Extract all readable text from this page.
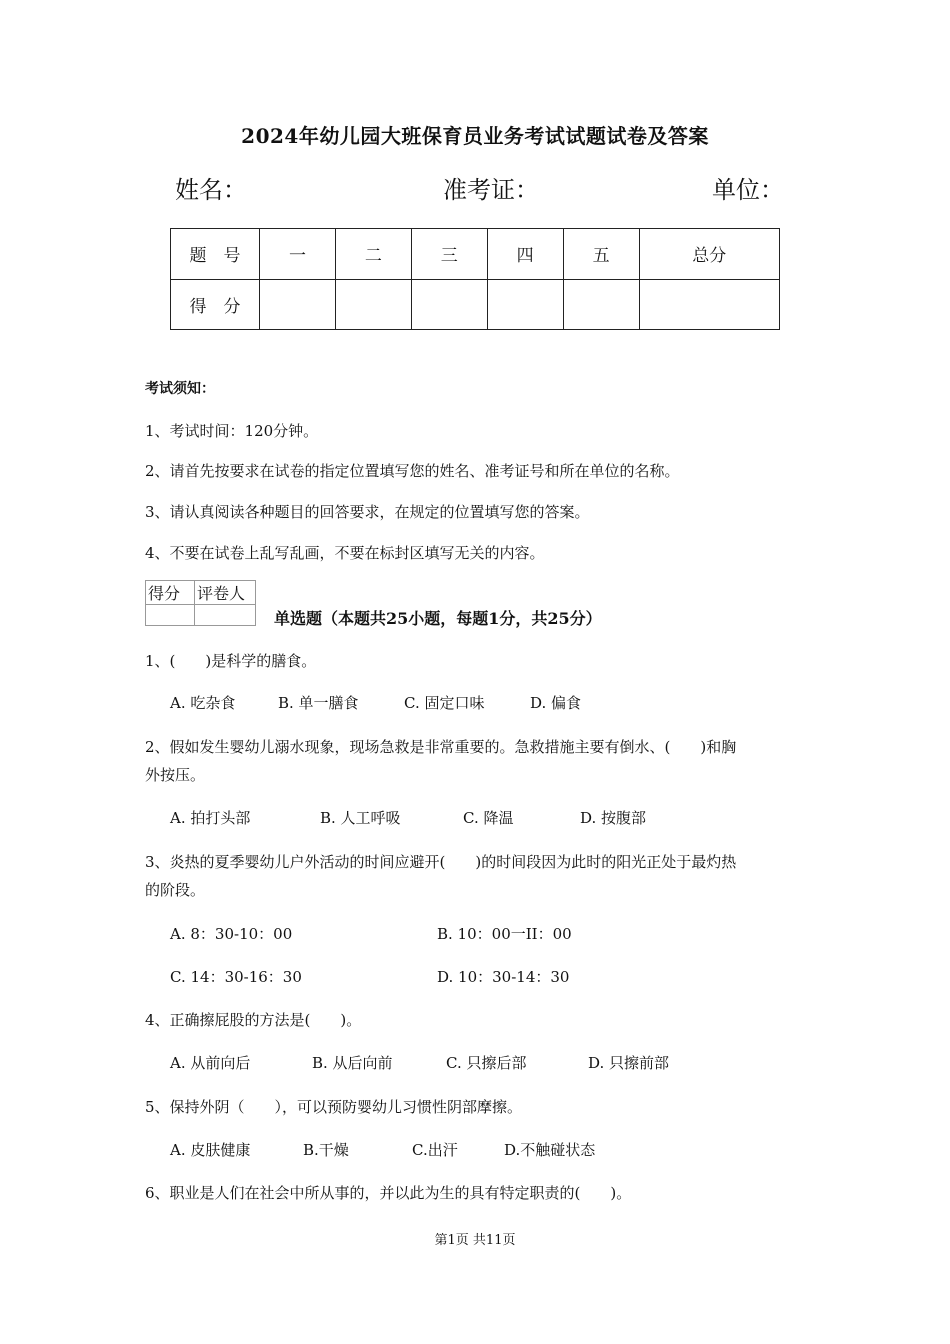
2024年幼儿园大班保育员业务考试试题试卷及答案
姓名：	准考证：	单位：
题　号	一	二	三	四	五	总分
得　分						
考试须知：
1、考试时间：120分钟。
2、请首先按要求在试卷的指定位置填写您的姓名、准考证号和所在单位的名称。
3、请认真阅读各种题目的回答要求，在规定的位置填写您的答案。
4、不要在试卷上乱写乱画，不要在标封区填写无关的内容。
得分	评卷人

单选题（本题共25小题，每题1分，共25分）
1、(　　)是科学的膳食。
A. 吃杂食	B. 单一膳食	C. 固定口味	D. 偏食
2、假如发生婴幼儿溺水现象，现场急救是非常重要的。急救措施主要有倒水、(　　)和胸
外按压。
A. 拍打头部	B. 人工呼吸	C. 降温	D. 按腹部
3、炎热的夏季婴幼儿户外活动的时间应避开(　　)的时间段因为此时的阳光正处于最灼热
的阶段。
A. 8：30-10：00	B. 10：00一II：00
C. 14：30-16：30	D. 10：30-14：30
4、正确擦屁股的方法是(　　)。
A. 从前向后	B. 从后向前	C. 只擦后部	D. 只擦前部
5、保持外阴（　　），可以预防婴幼儿习惯性阴部摩擦。
A. 皮肤健康	B.干燥	C.出汗	D.不触碰状态
6、职业是人们在社会中所从事的，并以此为生的具有特定职责的(　　)。
第1页 共11页
